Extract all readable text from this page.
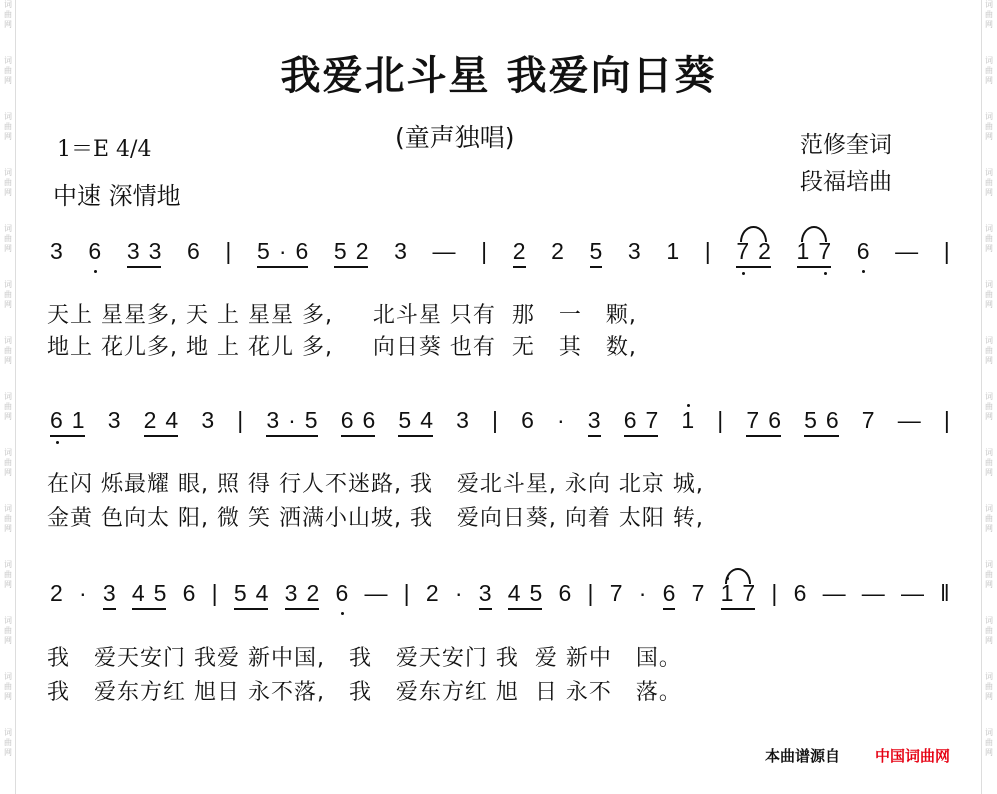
词曲网
词曲网
词曲网
词曲网
词曲网
词曲网
词曲网
词曲网
词曲网
词曲网
词曲网
词曲网
词曲网
词曲网
词曲网
词曲网
词曲网
词曲网
词曲网
词曲网
词曲网
词曲网
词曲网
词曲网
词曲网
词曲网
词曲网
词曲网
我爱北斗星 我爱向日葵
(童声独唱)
1＝E 4/4
中速 深情地
范修奎词
段福培曲
3 6 3 3 6 | 5 · 6 5 2 3 — | 2 2 5 3 1 | 7 2 1 7 6 — |
天上 星星多, 天 上 星星 多,     北斗星 只有  那   一   颗,
地上 花儿多, 地 上 花儿 多,     向日葵 也有  无   其   数,
6 1 3 2 4 3 | 3 · 5 6 6 5 4 3 | 6 · 3 6 7 1 | 7 6 5 6 7 — |
在闪 烁最耀 眼, 照 得 行人不迷路, 我   爱北斗星, 永向 北京 城,
金黄 色向太 阳, 微 笑 洒满小山坡, 我   爱向日葵, 向着 太阳 转,
2 · 3 4 5 6 | 5 4 3 2 6 — | 2 · 3 4 5 6 | 7 · 6 7 1 7 | 6 — — — ‖
我   爱天安门 我爱 新中国,   我   爱天安门 我  爱 新中   国。
我   爱东方红 旭日 永不落,   我   爱东方红 旭  日 永不   落。
本曲谱源自 中国词曲网
